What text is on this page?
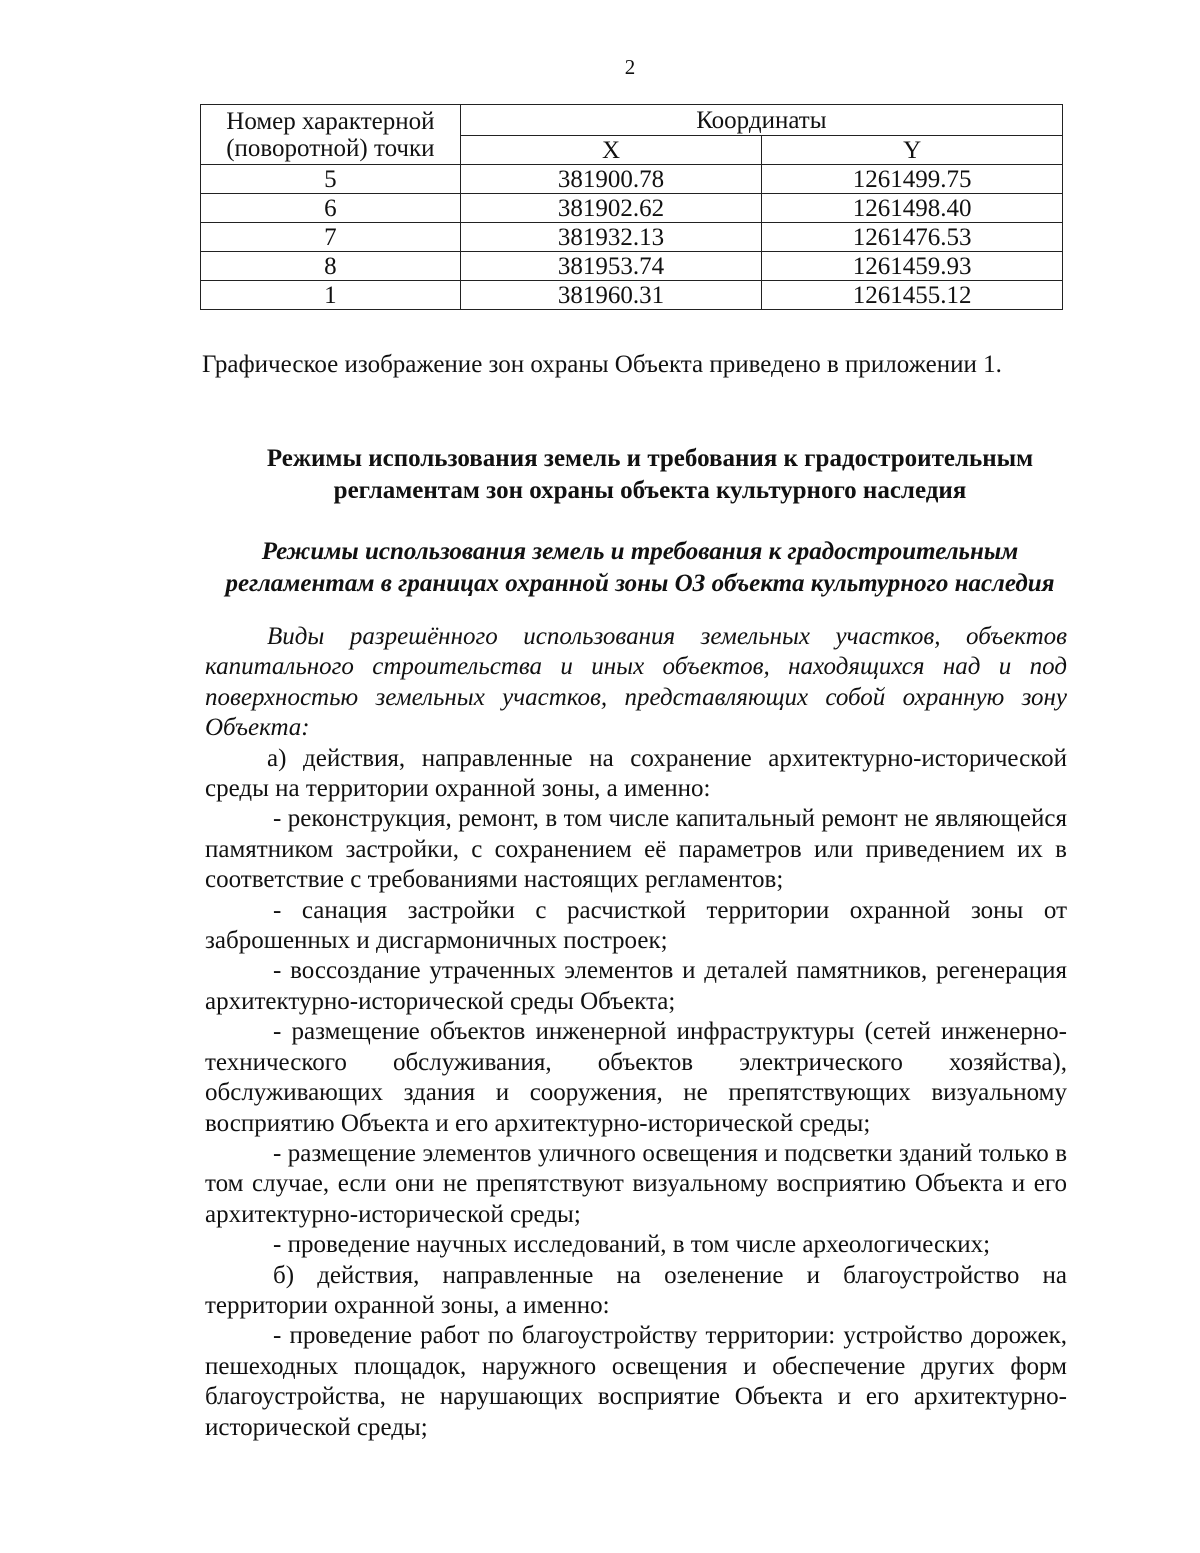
2
Номер характерной (поворотной) точки	Координаты	
	X	Y
5	381900.78	1261499.75
6	381902.62	1261498.40
7	381932.13	1261476.53
8	381953.74	1261459.93
1	381960.31	1261455.12
Графическое изображение зон охраны Объекта приведено в приложении 1.
Режимы использования земель и требования к градостроительным регламентам зон охраны объекта культурного наследия
Режимы использования земель и требования к градостроительным регламентам в границах охранной зоны ОЗ объекта культурного наследия

Виды разрешённого использования земельных участков, объектов капитального строительства и иных объектов, находящихся над и под поверхностью земельных участков, представляющих собой охранную зону Объекта:

а) действия, направленные на сохранение архитектурно-исторической среды на территории охранной зоны, а именно:

- реконструкция, ремонт, в том числе капитальный ремонт не являющейся памятником застройки, с сохранением её параметров или приведением их в соответствие с требованиями настоящих регламентов;

- санация застройки с расчисткой территории охранной зоны от заброшенных и дисгармоничных построек;

- воссоздание утраченных элементов и деталей памятников, регенерация архитектурно-исторической среды Объекта;

- размещение объектов инженерной инфраструктуры (сетей инженерно-технического обслуживания, объектов электрического хозяйства), обслуживающих здания и сооружения, не препятствующих визуальному восприятию Объекта и его архитектурно-исторической среды;

- размещение элементов уличного освещения и подсветки зданий только в том случае, если они не препятствуют визуальному восприятию Объекта и его архитектурно-исторической среды;

- проведение научных исследований, в том числе археологических;

б) действия, направленные на озеленение и благоустройство на территории охранной зоны, а именно:

- проведение работ по благоустройству территории: устройство дорожек, пешеходных площадок, наружного освещения и обеспечение других форм благоустройства, не нарушающих восприятие Объекта и его архитектурно-исторической среды;
